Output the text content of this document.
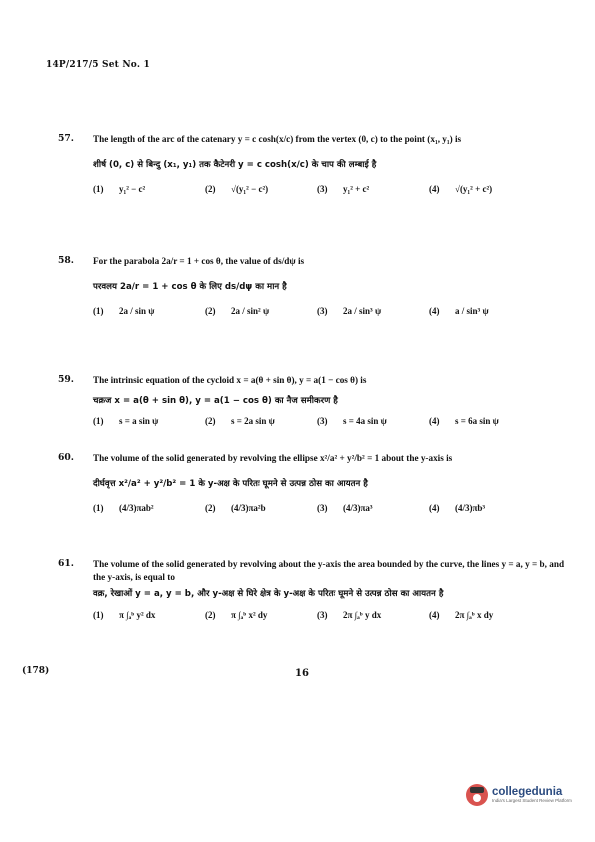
14P/217/5 Set No. 1
57.	The length of the arc of the catenary y = c cosh(x/c) from the vertex (0, c) to the point (x₁, y₁) is
शीर्ष (0, c) से बिन्दु (x₁, y₁) तक कैटेनरी y = c cosh(x/c) के चाप की लम्बाई है
(1) y₁² − c²	(2) √(y₁² − c²)	(3) y₁² + c²	(4) √(y₁² + c²)
58.	For the parabola 2a/r = 1 + cos θ, the value of ds/dψ is
परवलय 2a/r = 1 + cos θ के लिए ds/dψ का मान है
(1) 2a / sin ψ	(2) 2a / sin² ψ	(3) 2a / sin³ ψ	(4) a / sin³ ψ
59.	The intrinsic equation of the cycloid x = a(θ + sin θ), y = a(1 − cos θ) is
चक्रज x = a(θ + sin θ), y = a(1 − cos θ) का नैज समीकरण है
(1) s = a sin ψ	(2) s = 2a sin ψ	(3) s = 4a sin ψ	(4) s = 6a sin ψ
60.	The volume of the solid generated by revolving the ellipse x²/a² + y²/b² = 1 about the y-axis is
दीर्घवृत्त x²/a² + y²/b² = 1 के y-अक्ष के परितः घूमने से उत्पन्न ठोस का आयतन है
(1) (4/3)πab²	(2) (4/3)πa²b	(3) (4/3)πa³	(4) (4/3)πb³
61.	The volume of the solid generated by revolving about the y-axis the area bounded by the curve, the lines y = a, y = b, and the y-axis, is equal to
वक्र, रेखाओं y = a, y = b, और y-अक्ष से घिरे क्षेत्र के y-अक्ष के परितः घूमने से उत्पन्न ठोस का आयतन है
(1) π ∫ₐᵇ y² dx	(2) π ∫ₐᵇ x² dy	(3) 2π ∫ₐᵇ y dx	(4) 2π ∫ₐᵇ x dy
(178)	16
collegedunia
India's Largest Student Review Platform
